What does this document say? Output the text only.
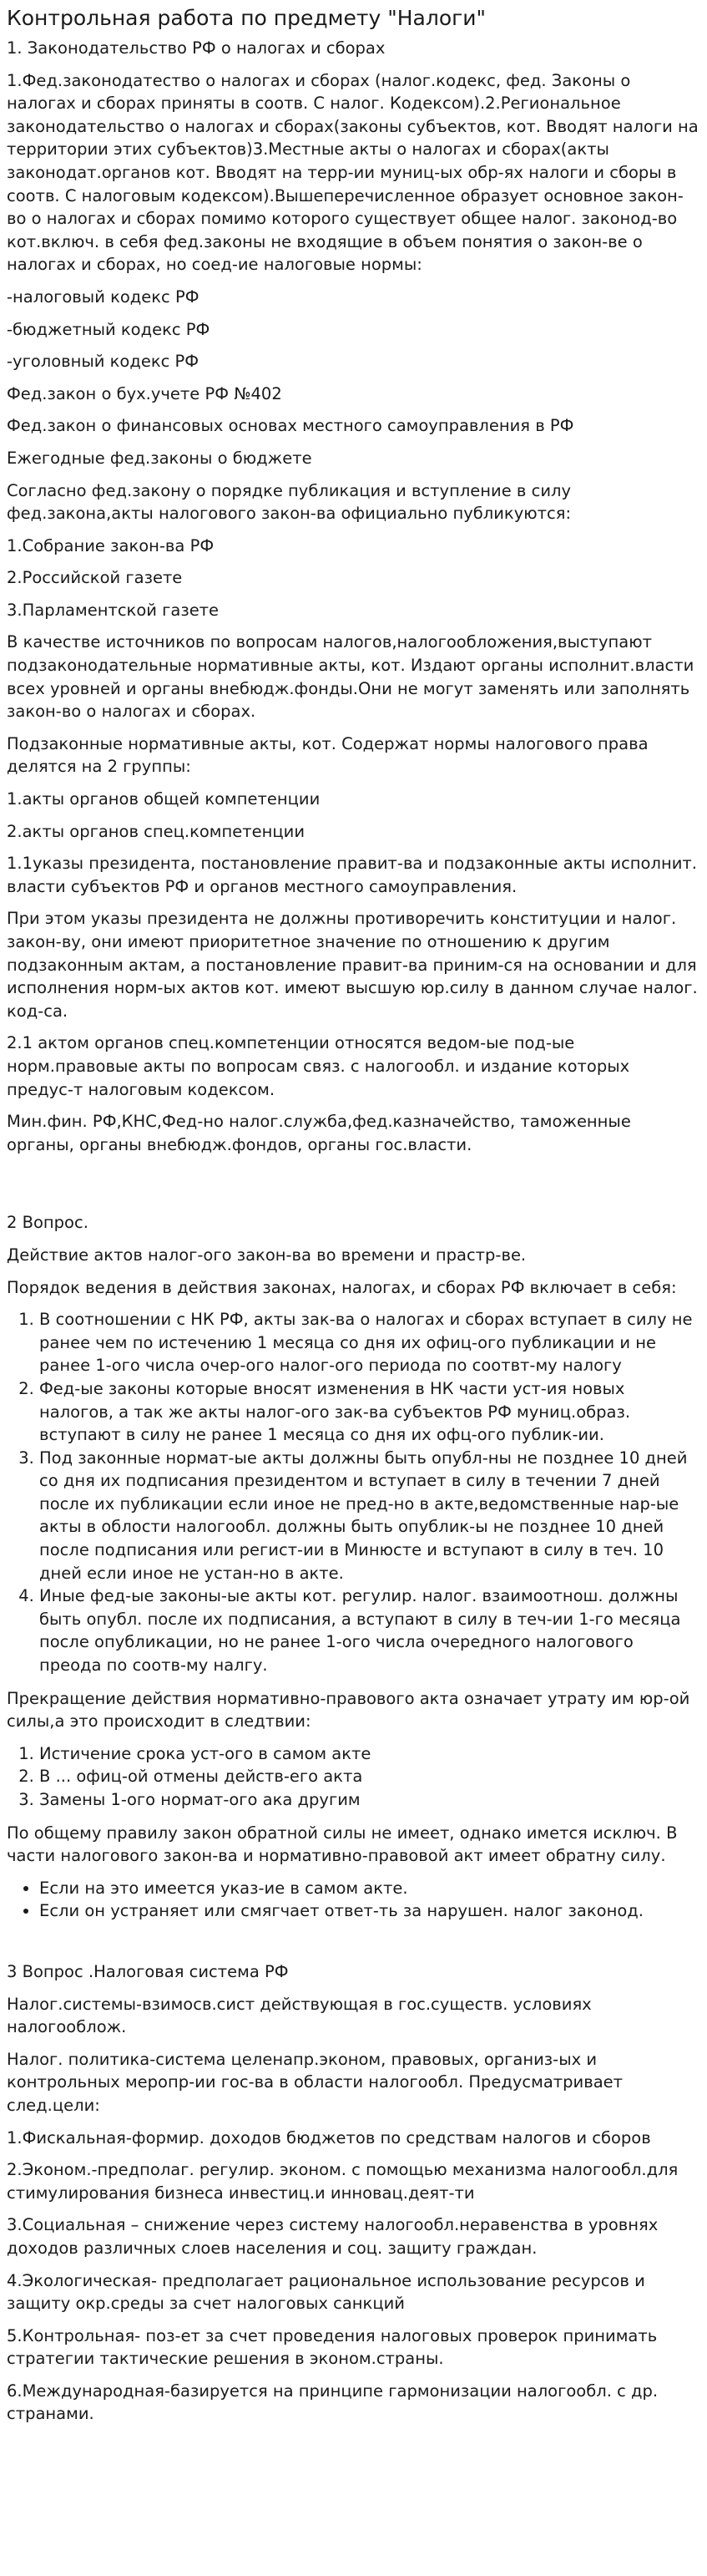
Контрольная работа по предмету "Налоги"

1. Законодательство РФ о налогах и сборах

1.Фед.законодатество о налогах и сборах (налог.кодекс, фед. Законы о налогах и сборах приняты в соотв. С налог. Кодексом).2.Региональное законодательство о налогах и сборах(законы субъектов, кот. Вводят налоги на территории этих субъектов)3.Местные акты о налогах и сборах(акты законодат.органов кот. Вводят на терр-ии муниц-ых обр-ях налоги и сборы в соотв. С налоговым кодексом).Вышеперечисленное образует основное закон-во о налогах и сборах помимо которого существует общее налог. законод-во кот.включ. в себя фед.законы не входящие в объем понятия о закон-ве о налогах и сборах, но соед-ие налоговые нормы:

-налоговый кодекс РФ

-бюджетный кодекс РФ

-уголовный кодекс РФ

Фед.закон о бух.учете РФ №402

Фед.закон о финансовых основах местного самоуправления в РФ

Ежегодные фед.законы о бюджете

Согласно фед.закону о порядке публикация и вступление в силу фед.закона,акты налогового закон-ва официально публикуются:

1.Собрание закон-ва РФ

2.Российской газете

3.Парламентской газете

В качестве источников по вопросам налогов,налогообложения,выступают подзаконодательные нормативные акты, кот. Издают органы исполнит.власти всех уровней и органы внебюдж.фонды.Они не могут заменять или заполнять закон-во о налогах и сборах.

Подзаконные нормативные акты, кот. Содержат нормы налогового права делятся на 2 группы:

1.акты органов общей компетенции

2.акты органов спец.компетенции

1.1указы президента, постановление правит-ва и подзаконные акты исполнит. власти субъектов РФ и органов местного самоуправления.

При этом указы президента не должны противоречить конституции и налог. закон-ву, они имеют приоритетное значение по отношению к другим подзаконным актам, а постановление правит-ва приним-ся на основании и для исполнения норм-ых актов кот. имеют высшую юр.силу в данном случае налог. код-са.

2.1 актом органов спец.компетенции относятся ведом-ые под-ые норм.правовые акты по вопросам связ. с налогообл. и издание которых предус-т налоговым кодексом.

Мин.фин. РФ,КНС,Фед-но налог.служба,фед.казначейство, таможенные органы, органы внебюдж.фондов, органы гос.власти.

2 Вопрос.

Действие актов налог-ого закон-ва во времени и прастр-ве.

Порядок ведения в действия законах, налогах, и сборах РФ включает в себя:

1. В соотношении с НК РФ, акты зак-ва о налогах и сборах вступает в силу не ранее чем по истечению 1 месяца со дня их офиц-ого публикации и не ранее 1-ого числа очер-ого налог-ого периода по соотвт-му налогу
2. Фед-ые законы которые вносят изменения в НК части уст-ия новых налогов, а так же акты налог-ого зак-ва субъектов РФ муниц.образ. вступают в силу не ранее 1 месяца со дня их офц-ого публик-ии.
3. Под законные нормат-ые акты должны быть опубл-ны не позднее 10 дней со дня их подписания президентом и вступает в силу в течении 7 дней после их публикации если иное не пред-но в акте,ведомственные нар-ые акты в облости налогообл. должны быть опублик-ы не позднее 10 дней после подписания или регист-ии в Минюсте и вступают в силу в теч. 10 дней если иное не устан-но в акте.
4. Иные фед-ые законы-ые акты кот. регулир. налог. взаимоотнош. должны быть опубл. после их подписания, а вступают в силу в теч-ии 1-го месяца после опубликации, но не ранее 1-ого числа очередного налогового преода по соотв-му налгу.

Прекращение действия нормативно-правового акта означает утрату им юр-ой силы,а это происходит в следтвии:

1. Истичение срока уст-ого в самом акте
2. В ... офиц-ой отмены действ-его акта
3. Замены 1-ого нормат-ого ака другим

По общему правилу закон обратной силы не имеет, однако имется исключ. В части налогового закон-ва и нормативно-правовой акт имеет обратну силу.

• Если на это имеется указ-ие в самом акте.
• Если он устраняет или смягчает ответ-ть за нарушен. налог законод.

3 Вопрос .Налоговая система РФ

Налог.системы-взимосв.сист действующая в гос.существ. условиях налогооблож.

Налог. политика-система целенапр.эконом, правовых, организ-ых и контрольных меропр-ии гос-ва в области налогообл. Предусматривает след.цели:

1.Фискальная-формир. доходов бюджетов по средствам налогов и сборов

2.Эконом.-предполаг. регулир. эконом. с помощью механизма налогообл.для стимулирования бизнеса инвестиц.и инновац.деят-ти

3.Социальная – снижение через систему налогообл.неравенства в уровнях доходов различных слоев населения и соц. защиту граждан.

4.Экологическая- предполагает рациональное использование ресурсов и защиту окр.среды за счет налоговых санкций

5.Контрольная- поз-ет за счет проведения налоговых проверок принимать стратегии тактические решения в эконом.страны.

6.Международная-базируется на принципе гармонизации налогообл. с др. странами.
